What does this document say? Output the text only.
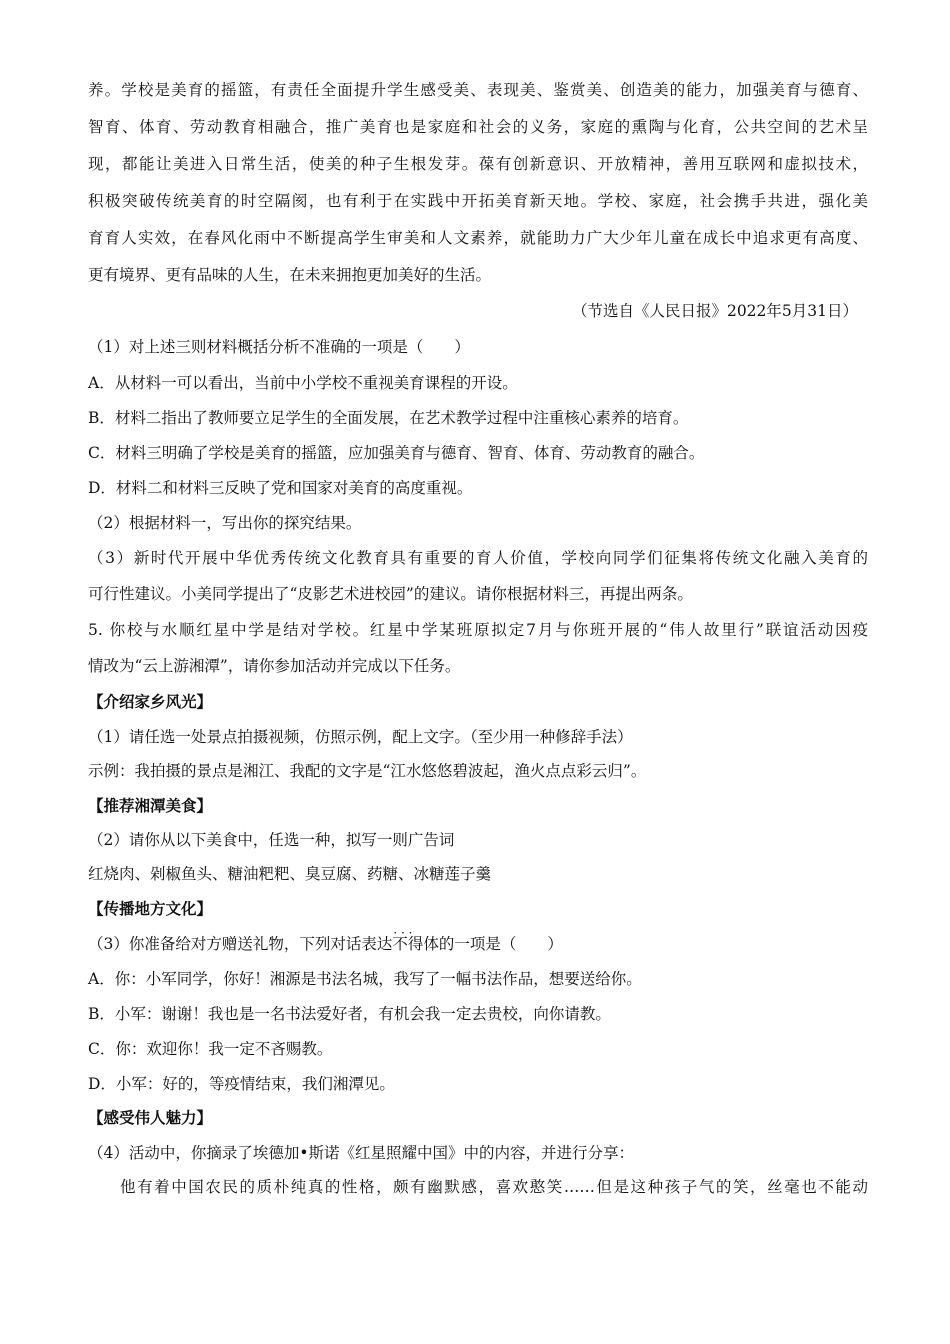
养。学校是美育的摇篮，有责任全面提升学生感受美、表现美、鉴赏美、创造美的能力，加强美育与德育、
智育、体育、劳动教育相融合，推广美育也是家庭和社会的义务，家庭的熏陶与化育，公共空间的艺术呈
现，都能让美进入日常生活，使美的种子生根发芽。葆有创新意识、开放精神，善用互联网和虚拟技术，
积极突破传统美育的时空隔阂，也有利于在实践中开拓美育新天地。学校、家庭，社会携手共进，强化美
育育人实效，在春风化雨中不断提高学生审美和人文素养，就能助力广大少年儿童在成长中追求更有高度、
更有境界、更有品味的人生，在未来拥抱更加美好的生活。
（节选自《人民日报》2022年5月31日）
（1）对上述三则材料概括分析不准确的一项是（　　）
A．从材料一可以看出，当前中小学校不重视美育课程的开设。
B．材料二指出了教师要立足学生的全面发展，在艺术教学过程中注重核心素养的培育。
C．材料三明确了学校是美育的摇篮，应加强美育与德育、智育、体育、劳动教育的融合。
D．材料二和材料三反映了党和国家对美育的高度重视。
（2）根据材料一，写出你的探究结果。
（3）新时代开展中华优秀传统文化教育具有重要的育人价值，学校向同学们征集将传统文化融入美育的
可行性建议。小美同学提出了“皮影艺术进校园”的建议。请你根据材料三，再提出两条。
5. 你校与水顺红星中学是结对学校。红星中学某班原拟定7月与你班开展的“伟人故里行”联谊活动因疫
情改为“云上游湘潭”，请你参加活动并完成以下任务。
【介绍家乡风光】
（1）请任选一处景点拍摄视频，仿照示例，配上文字。（至少用一种修辞手法）
示例：我拍摄的景点是湘江、我配的文字是“江水悠悠碧波起，渔火点点彩云归”。
【推荐湘潭美食】
（2）请你从以下美食中，任选一种，拟写一则广告词
红烧肉、剁椒鱼头、糖油粑粑、臭豆腐、药糖、冰糖莲子羹
【传播地方文化】
（3）你准备给对方赠送礼物，下列对话表达不得体 · · ·的一项是（　　）
A．你：小军同学，你好！湘源是书法名城，我写了一幅书法作品，想要送给你。
B．小军：谢谢！我也是一名书法爱好者，有机会我一定去贵校，向你请教。
C．你：欢迎你！我一定不吝赐教。
D．小军：好的，等疫情结束，我们湘潭见。
【感受伟人魅力】
（4）活动中，你摘录了埃德加•斯诺《红星照耀中国》中的内容，并进行分享：
他有着中国农民的质朴纯真的性格，颇有幽默感，喜欢憨笑……但是这种孩子气的笑，丝毫也不能动
